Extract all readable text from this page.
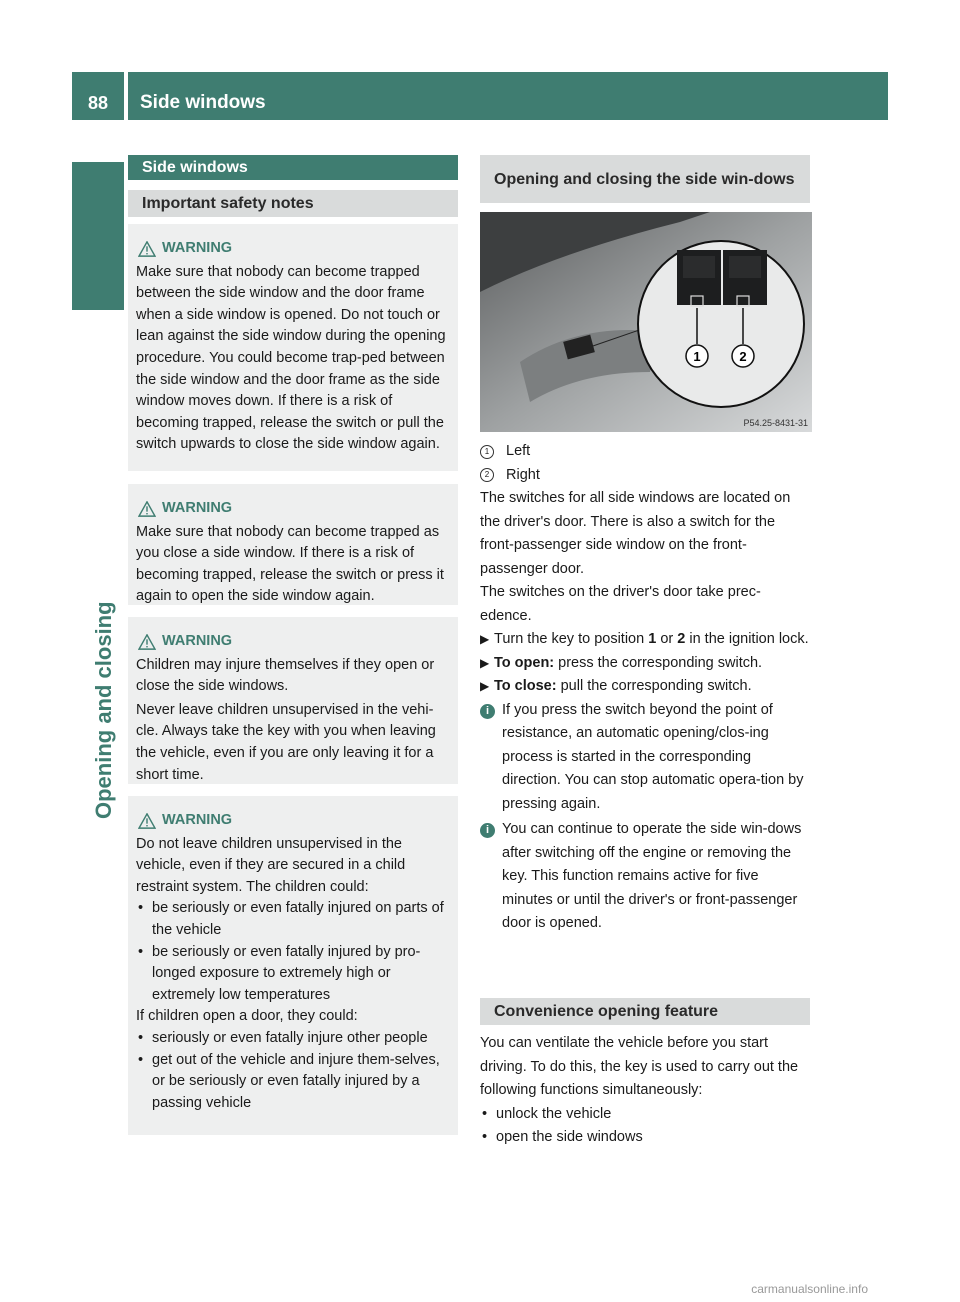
88 Side windows
Opening and closing
Side windows
Important safety notes
WARNING

Make sure that nobody can become trapped between the side window and the door frame when a side window is opened. Do not touch or lean against the side window during the opening procedure. You could become trap-ped between the side window and the door frame as the side window moves down. If there is a risk of becoming trapped, release the switch or pull the switch upwards to close the side window again.

WARNING

Make sure that nobody can become trapped as you close a side window. If there is a risk of becoming trapped, release the switch or press it again to open the side window again.

WARNING

Children may injure themselves if they open or close the side windows.

Never leave children unsupervised in the vehi-cle. Always take the key with you when leaving the vehicle, even if you are only leaving it for a short time.

WARNING

Do not leave children unsupervised in the vehicle, even if they are secured in a child restraint system. The children could:

• be seriously or even fatally injured on parts of the vehicle
• be seriously or even fatally injured by pro-longed exposure to extremely high or extremely low temperatures

If children open a door, they could:

• seriously or even fatally injure other people
• get out of the vehicle and injure them-selves, or be seriously or even fatally injured by a passing vehicle
Opening and closing the side win-dows
1	2
P54.25-8431-31
1	Left
2	Right

The switches for all side windows are located on the driver's door. There is also a switch for the front-passenger side window on the front-passenger door.

The switches on the driver's door take prec-edence.

▶ Turn the key to position 1 or 2 in the ignition lock.
▶ To open: press the corresponding switch.
▶ To close: pull the corresponding switch.
i If you press the switch beyond the point of resistance, an automatic opening/clos-ing process is started in the corresponding direction. You can stop automatic opera-tion by pressing again.
i You can continue to operate the side win-dows after switching off the engine or removing the key. This function remains active for five minutes or until the driver's or front-passenger door is opened.
Convenience opening feature

You can ventilate the vehicle before you start driving. To do this, the key is used to carry out the following functions simultaneously:

• unlock the vehicle
• open the side windows
carmanualsonline.info
